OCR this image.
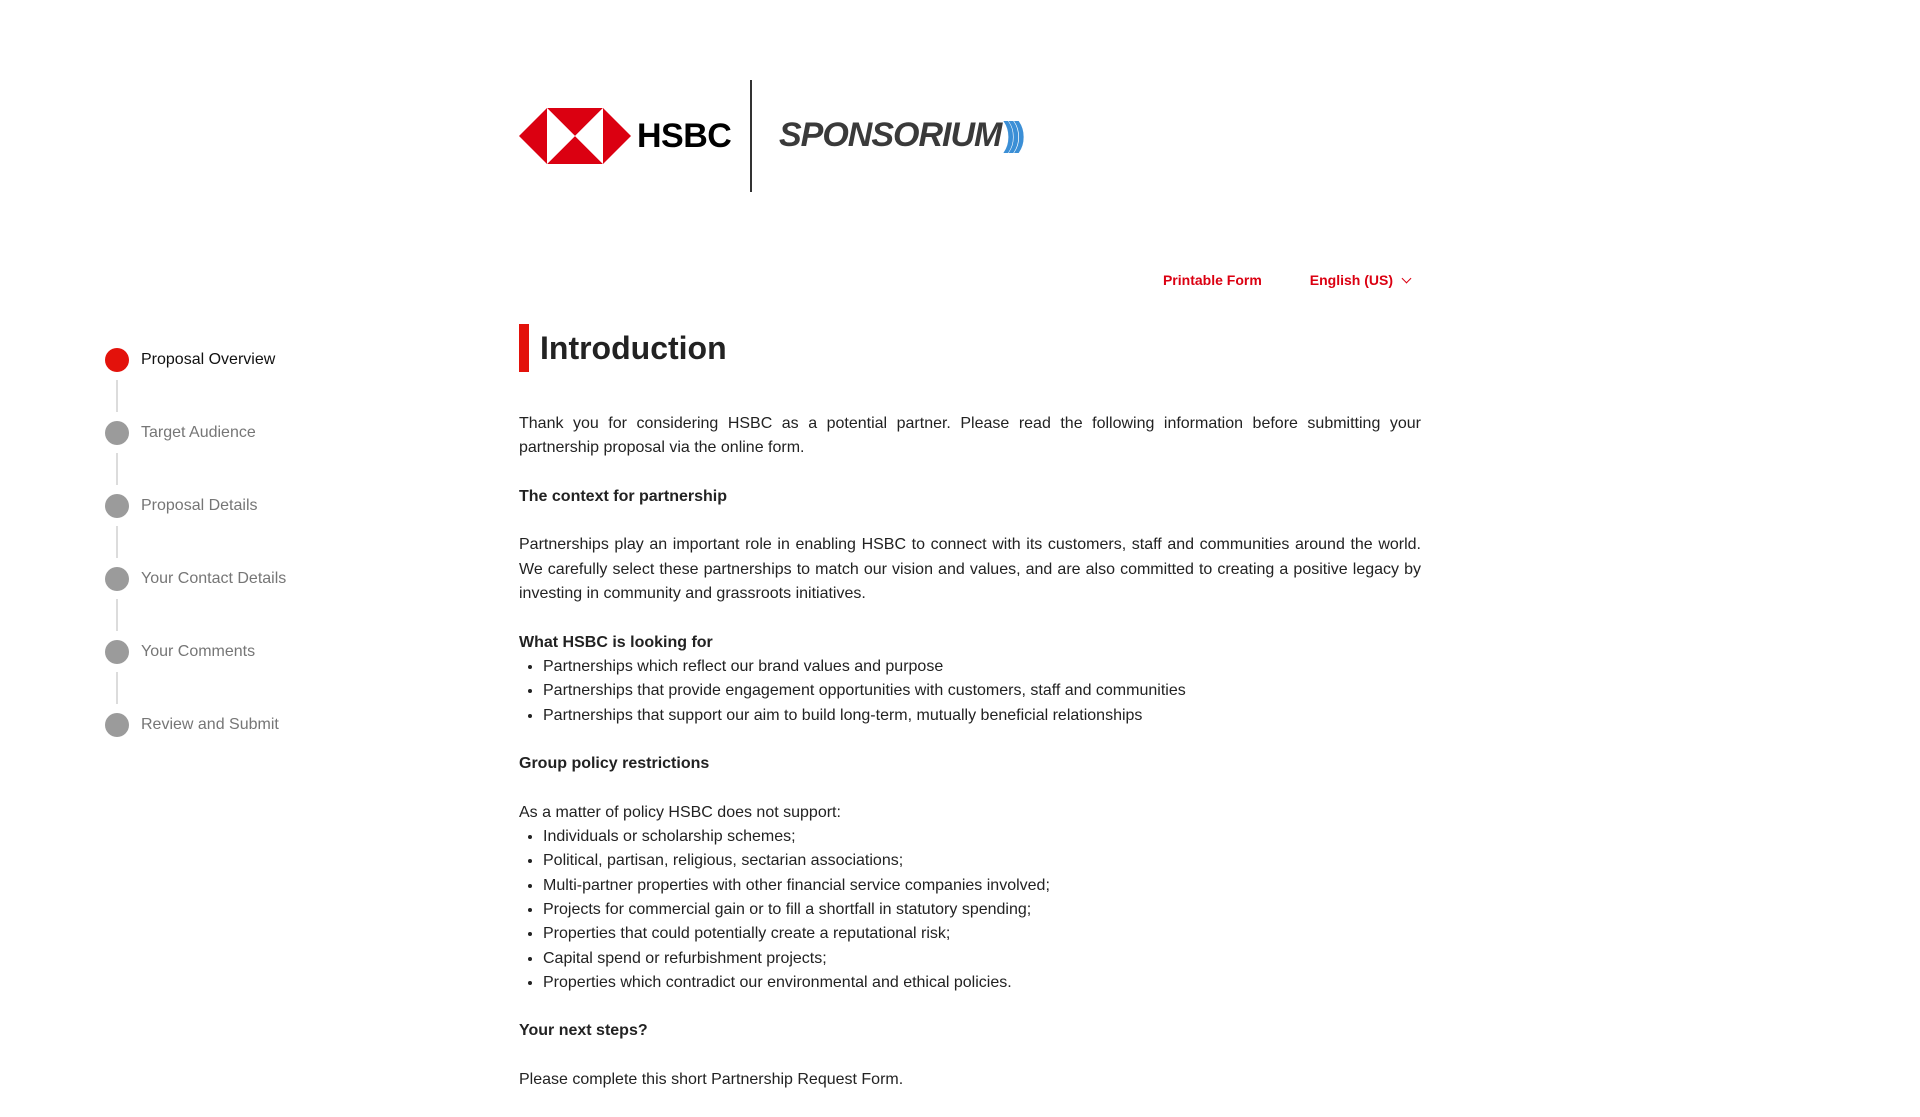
HSBC SPONSORIUM)))
Printable Form	English (US)
Proposal Overview
Target Audience
Proposal Details
Your Contact Details
Your Comments
Review and Submit
Introduction

Thank you for considering HSBC as a potential partner. Please read the following information before submitting your partnership proposal via the online form.

The context for partnership

Partnerships play an important role in enabling HSBC to connect with its customers, staff and communities around the world. We carefully select these partnerships to match our vision and values, and are also committed to creating a positive legacy by investing in community and grassroots initiatives.

What HSBC is looking for

• Partnerships which reflect our brand values and purpose
• Partnerships that provide engagement opportunities with customers, staff and communities
• Partnerships that support our aim to build long-term, mutually beneficial relationships

Group policy restrictions

As a matter of policy HSBC does not support:

• Individuals or scholarship schemes;
• Political, partisan, religious, sectarian associations;
• Multi-partner properties with other financial service companies involved;
• Projects for commercial gain or to fill a shortfall in statutory spending;
• Properties that could potentially create a reputational risk;
• Capital spend or refurbishment projects;
• Properties which contradict our environmental and ethical policies.

Your next steps?

Please complete this short Partnership Request Form.
